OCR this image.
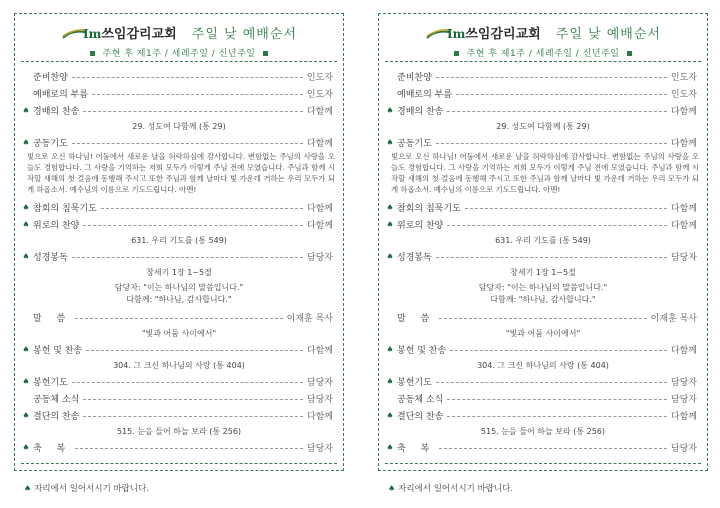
Im쓰임감리교회 주일 낮 예배순서
주현 후 제1주 / 세례주일 / 신년주일
준비찬양	인도자
예배로의 부름	인도자
♠ 경배의 찬송	다함께
29. 성도여 다함께 (통 29)
♠ 공동기도	다함께
빛으로 오신 하나님! 어둠에서 새로운 날을 허락하심에 감사합니다. 변함없는 주님의 사랑을 오늘도 경험합니다. 그 사랑을 기억하는 저희 모두가 이렇게 주님 전에 모였습니다. 주님과 함께 시작할 새해의 첫 걸음에 동행해 주시고 또한 주님과 함께 날마다 빛 가운데 거하는 우리 모두가 되게 하옵소서. 예수님의 이름으로 기도드립니다. 아멘!
♠ 참회의 침묵기도	다함께
♠ 위로의 찬양	다함께
631. 우리 기도를 (통 549)
♠ 성경봉독	담당자
창세기 1장 1~5절
담당자: "이는 하나님의 말씀입니다."
다함께: "하나님, 감사합니다."
말 씀	이재훈 목사
"빛과 어둠 사이에서"
♠ 봉헌 및 찬송	다함께
304. 그 크신 하나님의 사랑 (통 404)
♠ 봉헌기도	담당자
공동체 소식	담당자
♠ 결단의 찬송	다함께
515. 눈을 들어 하늘 보라 (통 256)
♠ 축 복	담당자
♠ 자리에서 일어서시기 바랍니다.
Im쓰임감리교회 주일 낮 예배순서
주현 후 제1주 / 세례주일 / 신년주일
준비찬양	인도자
예배로의 부름	인도자
♠ 경배의 찬송	다함께
29. 성도여 다함께 (통 29)
♠ 공동기도	다함께
빛으로 오신 하나님! 어둠에서 새로운 날을 허락하심에 감사합니다. 변함없는 주님의 사랑을 오늘도 경험합니다. 그 사랑을 기억하는 저희 모두가 이렇게 주님 전에 모였습니다. 주님과 함께 시작할 새해의 첫 걸음에 동행해 주시고 또한 주님과 함께 날마다 빛 가운데 거하는 우리 모두가 되게 하옵소서. 예수님의 이름으로 기도드립니다. 아멘!
♠ 참회의 침묵기도	다함께
♠ 위로의 찬양	다함께
631. 우리 기도를 (통 549)
♠ 성경봉독	담당자
창세기 1장 1~5절
담당자: "이는 하나님의 말씀입니다."
다함께: "하나님, 감사합니다."
말 씀	이재훈 목사
"빛과 어둠 사이에서"
♠ 봉헌 및 찬송	다함께
304. 그 크신 하나님의 사랑 (통 404)
♠ 봉헌기도	담당자
공동체 소식	담당자
♠ 결단의 찬송	다함께
515. 눈을 들어 하늘 보라 (통 256)
♠ 축 복	담당자
♠ 자리에서 일어서시기 바랍니다.
